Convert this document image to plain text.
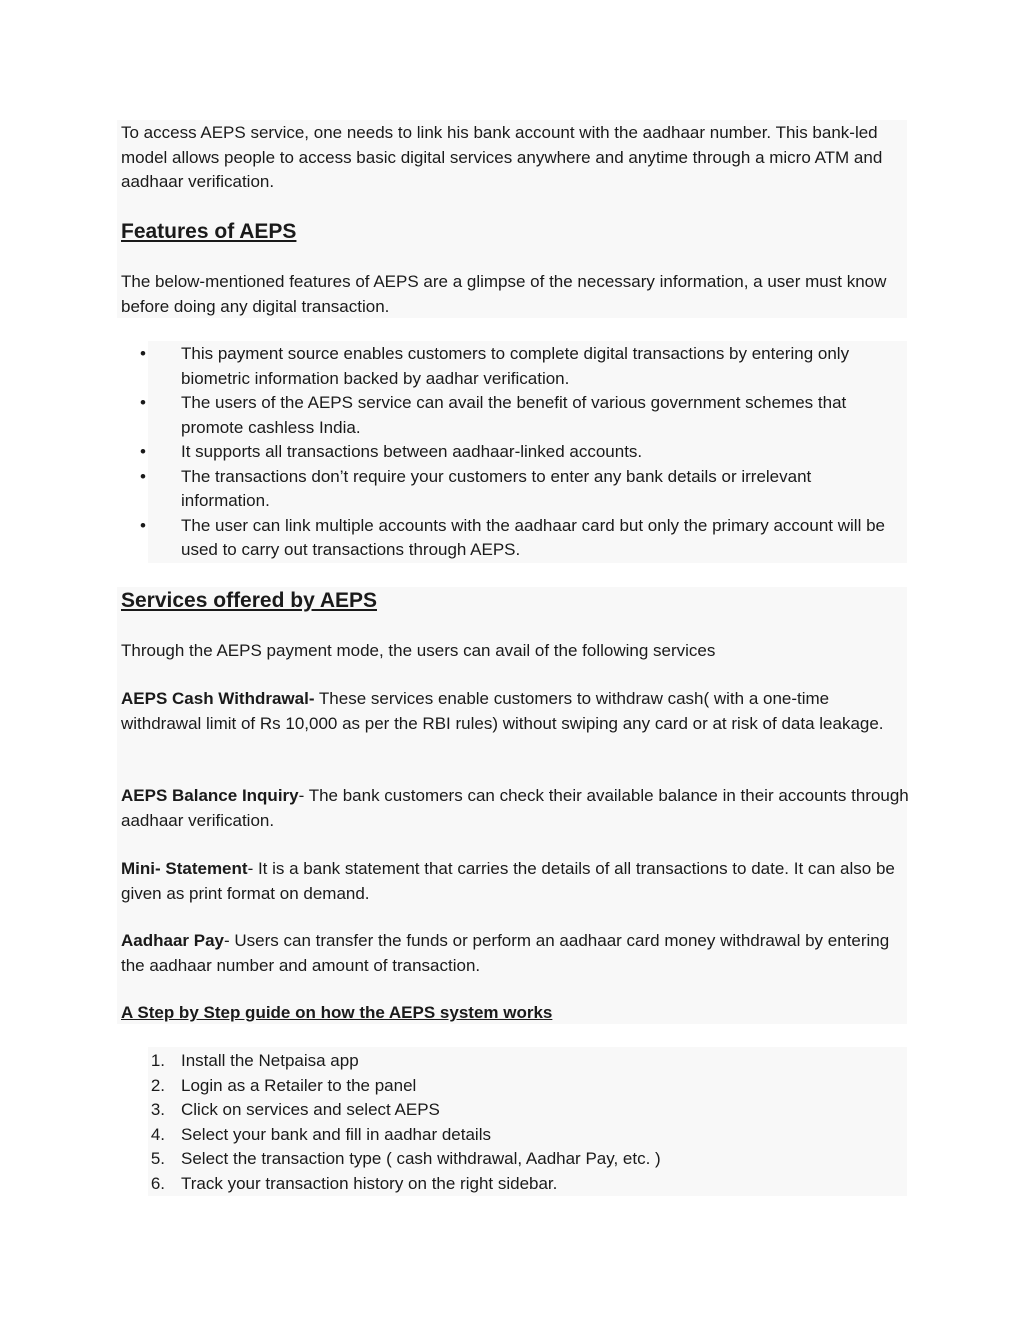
To access AEPS service, one needs to link his bank account with the aadhaar number. This bank-led model allows people to access basic digital services anywhere and anytime through a micro ATM and aadhaar verification.
Features of AEPS
The below-mentioned features of AEPS are a glimpse of the necessary information, a user must know before doing any digital transaction.
•	This payment source enables customers to complete digital transactions by entering only biometric information backed by aadhar verification.
•	The users of the AEPS service can avail the benefit of various government schemes that promote cashless India.
•	It supports all transactions between aadhaar-linked accounts.
•	The transactions don’t require your customers to enter any bank details or irrelevant information.
•	The user can link multiple accounts with the aadhaar card but only the primary account will be used to carry out transactions through AEPS.
Services offered by AEPS
Through the AEPS payment mode, the users can avail of the following services
AEPS Cash Withdrawal- These services enable customers to withdraw cash( with a one-time withdrawal limit of Rs 10,000 as per the RBI rules) without swiping any card or at risk of data leakage.
AEPS Balance Inquiry- The bank customers can check their available balance in their accounts through aadhaar verification.
Mini- Statement- It is a bank statement that carries the details of all transactions to date. It can also be given as print format on demand.
Aadhaar Pay- Users can transfer the funds or perform an aadhaar card money withdrawal by entering the aadhaar number and amount of transaction.
A Step by Step guide on how the AEPS system works
1. Install the Netpaisa app
2. Login as a Retailer to the panel
3. Click on services and select AEPS
4. Select your bank and fill in aadhar details
5. Select the transaction type ( cash withdrawal, Aadhar Pay, etc. )
6. Track your transaction history on the right sidebar.
